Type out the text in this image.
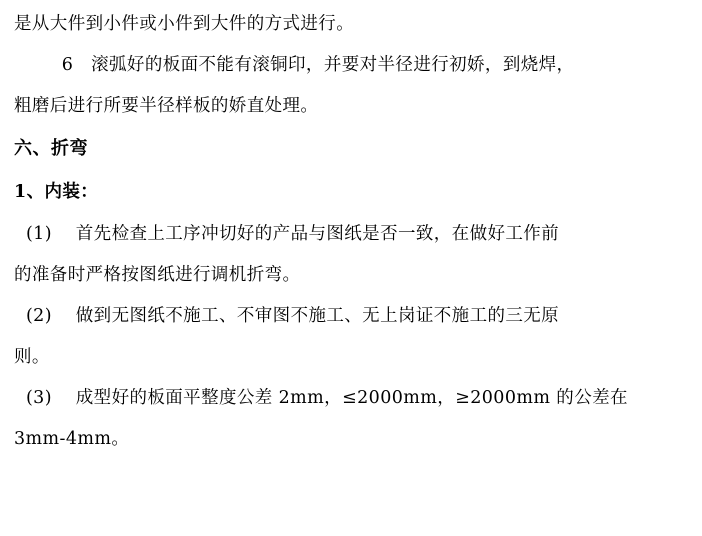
是从大件到小件或小件到大件的方式进行。
6   滚弧好的板面不能有滚铜印，并要对半径进行初娇，到烧焊，
粗磨后进行所要半径样板的娇直处理。
六、折弯
1、内装：
(1)    首先检查上工序冲切好的产品与图纸是否一致，在做好工作前
的准备时严格按图纸进行调机折弯。
(2)    做到无图纸不施工、不审图不施工、无上岗证不施工的三无原
则。
(3)    成型好的板面平整度公差 2mm，≤2000mm，≥2000mm 的公差在
3mm-4mm。
